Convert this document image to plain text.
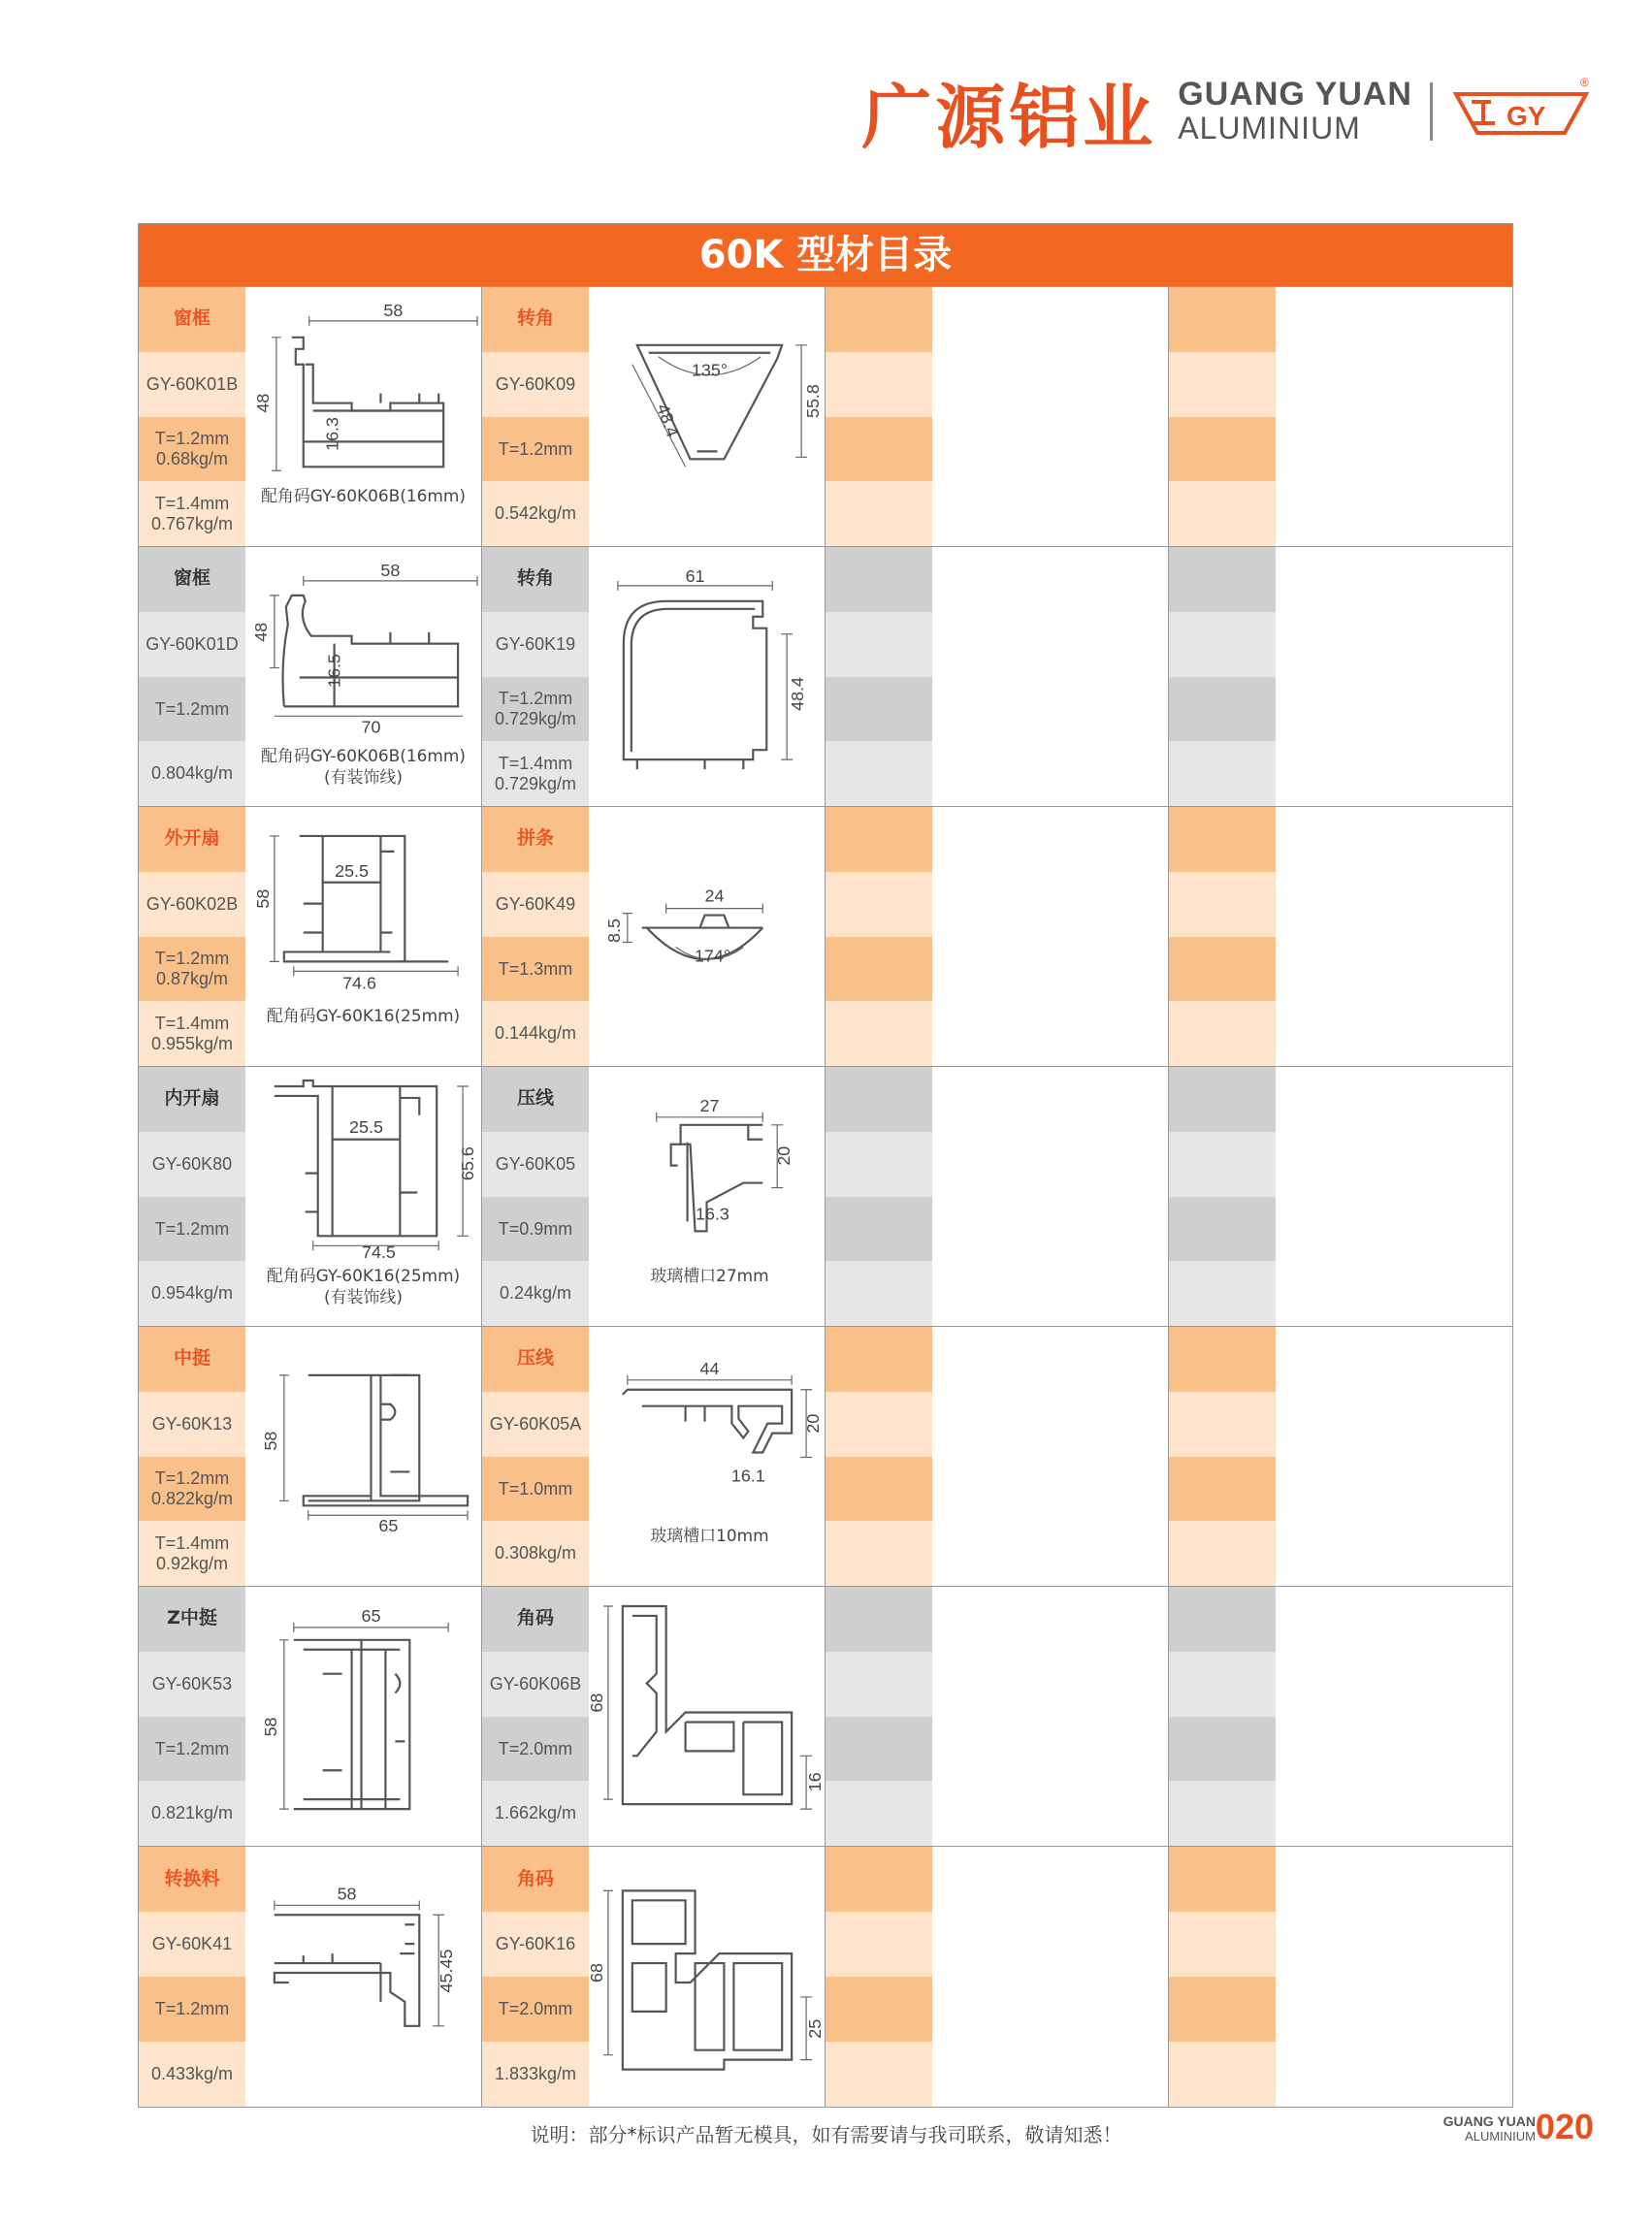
广源铝业 GUANG YUAN
ALUMINIUM	GY
®
60K 型材目录
窗框
GY-60K01B
T=1.2mm
0.68kg/m
T=1.4mm
0.767kg/m
58
48
16.3
配角码GY-60K06B(16mm)
转角
GY-60K09
T=1.2mm
0.542kg/m
135°
48.4
55.8
窗框
GY-60K01D
T=1.2mm
0.804kg/m
58
48
16.5
70
配角码GY-60K06B(16mm)
(有装饰线)
转角
GY-60K19
T=1.2mm
0.729kg/m
T=1.4mm
0.729kg/m
61
48.4
外开扇
GY-60K02B
T=1.2mm
0.87kg/m
T=1.4mm
0.955kg/m
25.5
58
74.6
配角码GY-60K16(25mm)
拼条
GY-60K49
T=1.3mm
0.144kg/m
24
8.5
174°
内开扇
GY-60K80
T=1.2mm
0.954kg/m
25.5
65.6
74.5
配角码GY-60K16(25mm)
(有装饰线)
压线
GY-60K05
T=0.9mm
0.24kg/m
27
20
16.3
玻璃槽口27mm
中挺
GY-60K13
T=1.2mm
0.822kg/m
T=1.4mm
0.92kg/m
58
65
压线
GY-60K05A
T=1.0mm
0.308kg/m
44
20
16.1
玻璃槽口10mm
Z中挺
GY-60K53
T=1.2mm
0.821kg/m
65
58
角码
GY-60K06B
T=2.0mm
1.662kg/m
68
16
转换料
GY-60K41
T=1.2mm
0.433kg/m
58
45.45
角码
GY-60K16
T=2.0mm
1.833kg/m
68
25
说明：部分*标识产品暂无模具，如有需要请与我司联系，敬请知悉！
GUANG YUAN
ALUMINIUM 020
